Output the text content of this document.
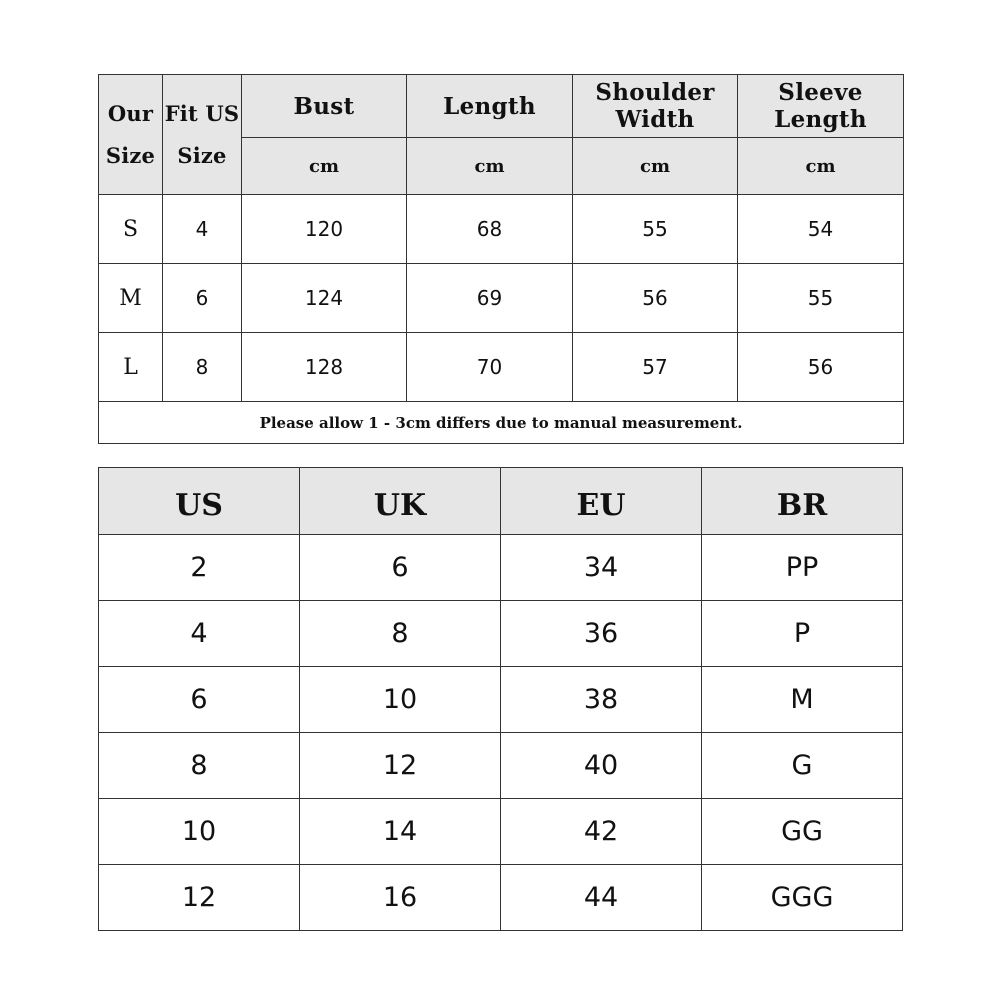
Our Size	Fit US Size	Bust	Length	Shoulder Width	Sleeve Length
		cm	cm	cm	cm
S	4	120	68	55	54
M	6	124	69	56	55
L	8	128	70	57	56
Please allow 1 - 3cm differs due to manual measurement.					
US	UK	EU	BR
2	6	34	PP
4	8	36	P
6	10	38	M
8	12	40	G
10	14	42	GG
12	16	44	GGG
